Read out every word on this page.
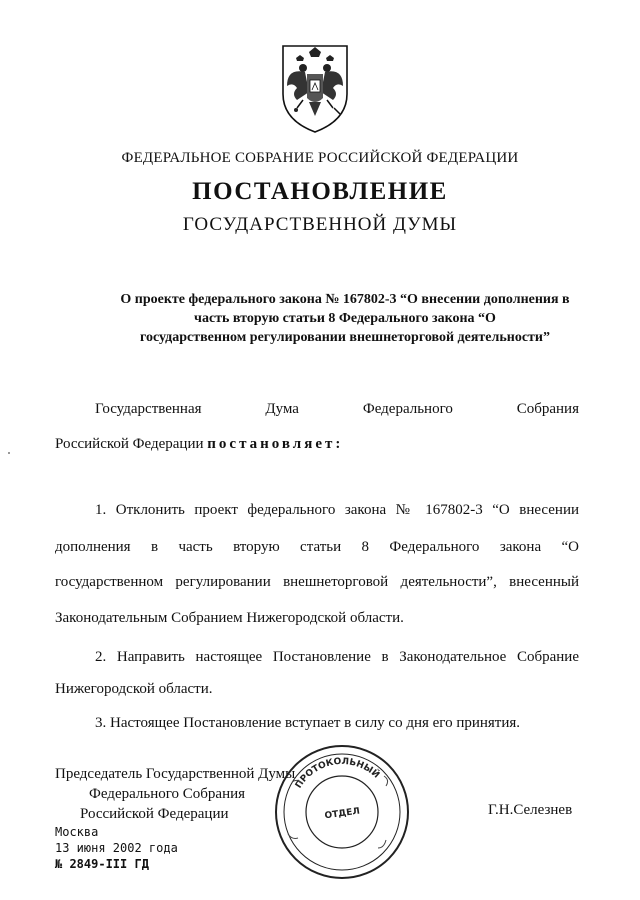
ФЕДЕРАЛЬНОЕ СОБРАНИЕ РОССИЙСКОЙ ФЕДЕРАЦИИ
ПОСТАНОВЛЕНИЕ
ГОСУДАРСТВЕННОЙ ДУМЫ
О проекте федерального закона № 167802-3 “О внесении дополнения в
часть вторую статьи 8 Федерального закона “О
государственном регулировании внешнеторговой деятельности”
Государственная Дума Федерального Собрания
Российской Федерации постановляет:
1. Отклонить проект федерального закона № 167802-3 “О внесении
дополнения в часть вторую статьи 8 Федерального закона “О
государственном регулировании внешнеторговой деятельности”, внесенный
Законодательным Собранием Нижегородской области.
2. Направить настоящее Постановление в Законодательное Собрание
Нижегородской области.
3. Настоящее Постановление вступает в силу со дня его принятия.
Председатель Государственной Думы
Федерального Собрания
Российской Федерации	Г.Н.Селезнев
ПРОТОКОЛЬНЫЙ
ОТДЕЛ
Москва
13 июня 2002 года
№ 2849-III ГД
